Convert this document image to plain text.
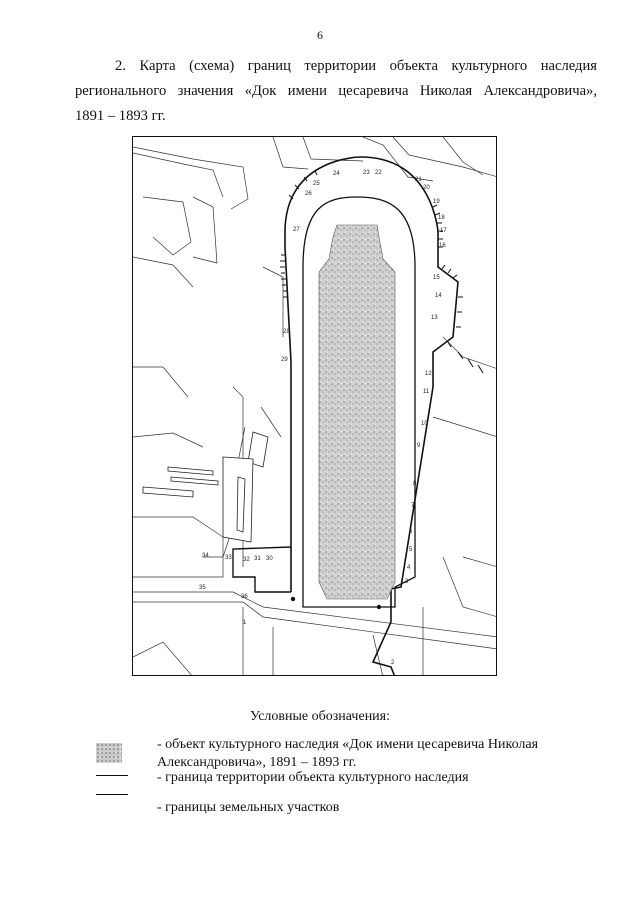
6
2. Карта (схема) границ территории объекта культурного наследия
регионального значения «Док имени цесаревича Николая Александровича»,
1891 – 1893 гг.
1
2
3
4
5
6
7
8
9
10
11
12
13
14
15
16
17
18
19
20
21
22
23
24
25
26
27
28
29
30
31
32
33
34
35
36
Условные обозначения:
- объект культурного наследия «Док имени цесаревича Николая
Александровича», 1891 – 1893 гг.
- граница территории объекта культурного наследия
- границы земельных участков
